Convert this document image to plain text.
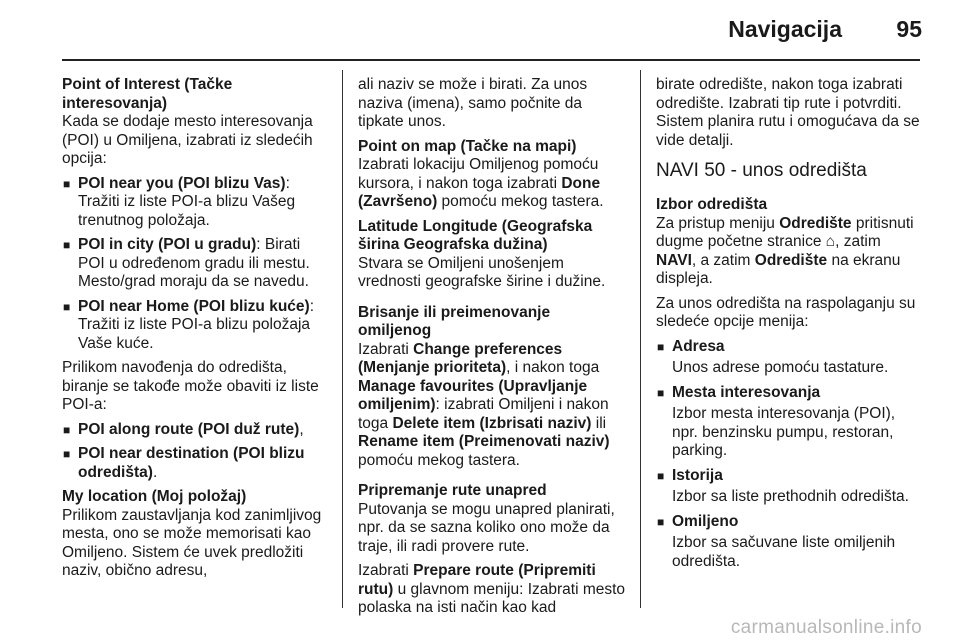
Navigacija 95
Point of Interest (Tačke interesovanja)

Kada se dodaje mesto interesovanja (POI) u Omiljena, izabrati iz sledećih opcija:

■ POI near you (POI blizu Vas): Tražiti iz liste POI-a blizu Vašeg trenutnog položaja.
■ POI in city (POI u gradu): Birati POI u određenom gradu ili mestu. Mesto/grad moraju da se navedu.
■ POI near Home (POI blizu kuće): Tražiti iz liste POI-a blizu položaja Vaše kuće.

Prilikom navođenja do odredišta, biranje se takođe može obaviti iz liste POI-a:

■ POI along route (POI duž rute),
■ POI near destination (POI blizu odredišta).
My location (Moj položaj)

Prilikom zaustavljanja kod zanimljivog mesta, ono se može memorisati kao Omiljeno. Sistem će uvek predložiti naziv, obično adresu,

ali naziv se može i birati. Za unos naziva (imena), samo počnite da tipkate unos.

Point on map (Tačke na mapi)

Izabrati lokaciju Omiljenog pomoću kursora, i nakon toga izabrati Done (Završeno) pomoću mekog tastera.

Latitude Longitude (Geografska širina Geografska dužina)

Stvara se Omiljeni unošenjem vrednosti geografske širine i dužine.

Brisanje ili preimenovanje omiljenog

Izabrati Change preferences (Menjanje prioriteta), i nakon toga Manage favourites (Upravljanje omiljenim): izabrati Omiljeni i nakon toga Delete item (Izbrisati naziv) ili Rename item (Preimenovati naziv) pomoću mekog tastera.

Pripremanje rute unapred

Putovanja se mogu unapred planirati, npr. da se sazna koliko ono može da traje, ili radi provere rute.

Izabrati Prepare route (Pripremiti rutu) u glavnom meniju: Izabrati mesto polaska na isti način kao kad

birate odredište, nakon toga izabrati odredište. Izabrati tip rute i potvrditi. Sistem planira rutu i omogućava da se vide detalji.

NAVI 50 - unos odredišta
Izbor odredišta

Za pristup meniju Odredište pritisnuti dugme početne stranice ⌂, zatim NAVI, a zatim Odredište na ekranu displeja.

Za unos odredišta na raspolaganju su sledeće opcije menija:

■ Adresa
Unos adrese pomoću tastature.
■ Mesta interesovanja
Izbor mesta interesovanja (POI), npr. benzinsku pumpu, restoran, parking.
■ Istorija
Izbor sa liste prethodnih odredišta.
■ Omiljeno
Izbor sa sačuvane liste omiljenih odredišta.
carmanualsonline.info
